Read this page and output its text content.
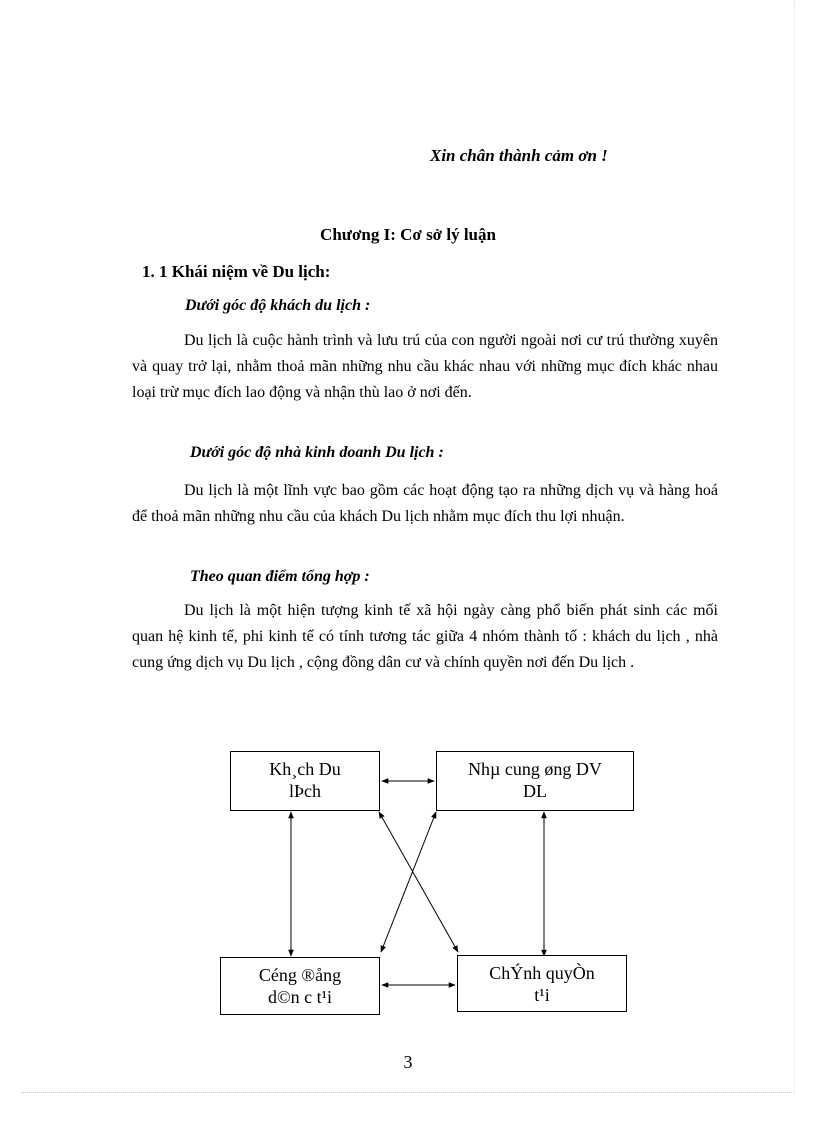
Xin chân thành cảm ơn !
Chương I: Cơ sở lý luận
1. 1 Khái niệm về Du lịch:
Dưới góc độ khách du lịch :
Du lịch là cuộc hành trình và lưu trú của con người ngoài nơi cư trú thường xuyên và quay trở lại, nhằm thoả mãn những nhu cầu khác nhau với những mục đích khác nhau loại trừ mục đích lao động và nhận thù lao ở nơi đến.
Dưới góc độ nhà kinh doanh Du lịch :
Du lịch là một lĩnh vực bao gồm các hoạt động tạo ra những dịch vụ và hàng hoá để thoả mãn những nhu cầu của khách Du lịch nhằm mục đích thu lợi nhuận.
Theo quan điểm tổng hợp :
Du lịch là một hiện tượng kinh tế xã hội ngày càng phổ biến phát sinh các mối quan hệ kinh tế, phi kinh tế có tính tương tác giữa 4 nhóm thành tố : khách du lịch , nhà cung ứng dịch vụ Du lịch , cộng đồng dân cư và chính quyền nơi đến Du lịch .
Kh¸ch Du
lÞch
Nhµ cung øng DV
DL
Céng ®ång
d©n c t¹i
ChÝnh quyÒn
t¹i
3
